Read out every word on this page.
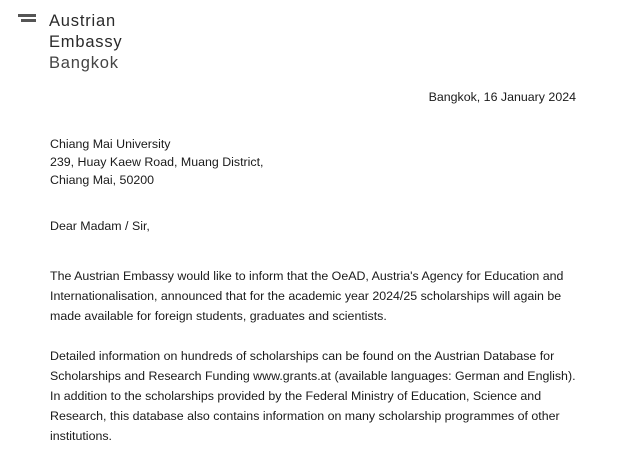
Austrian
Embassy
Bangkok
Bangkok, 16 January 2024
Chiang Mai University
239, Huay Kaew Road, Muang District,
Chiang Mai, 50200
Dear Madam / Sir,
The Austrian Embassy would like to inform that the OeAD, Austria's Agency for Education and
Internationalisation, announced that for the academic year 2024/25 scholarships will again be
made available for foreign students, graduates and scientists.
Detailed information on hundreds of scholarships can be found on the Austrian Database for
Scholarships and Research Funding www.grants.at (available languages: German and English).
In addition to the scholarships provided by the Federal Ministry of Education, Science and
Research, this database also contains information on many scholarship programmes of other
institutions.
